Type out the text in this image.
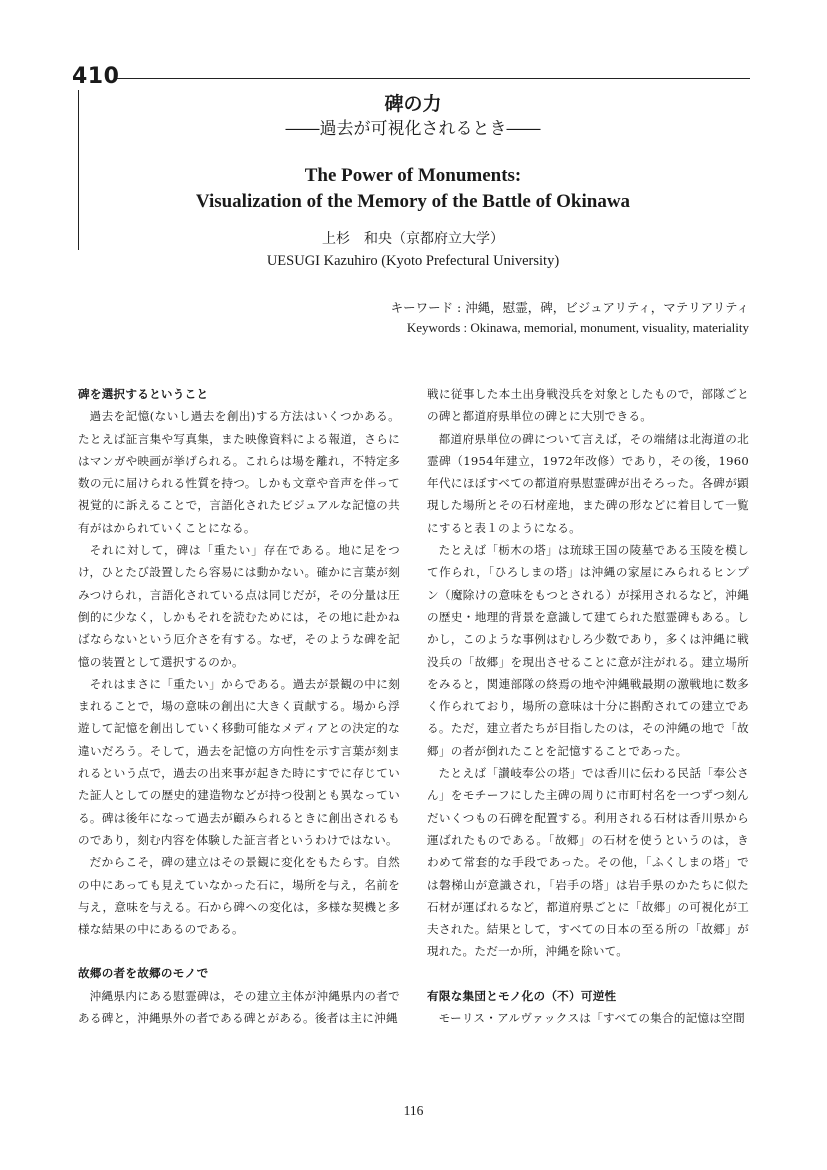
410
碑の力
――過去が可視化されるとき――
The Power of Monuments:
Visualization of the Memory of the Battle of Okinawa
上杉　和央（京都府立大学）
UESUGI Kazuhiro (Kyoto Prefectural University)
キーワード : 沖縄，慰霊，碑，ビジュアリティ，マテリアリティ
Keywords : Okinawa, memorial, monument, visuality, materiality
碑を選択するということ

過去を記憶(ないし過去を創出)する方法はいくつかある。たとえば証言集や写真集，また映像資料による報道，さらにはマンガや映画が挙げられる。これらは場を離れ，不特定多数の元に届けられる性質を持つ。しかも文章や音声を伴って視覚的に訴えることで，言語化されたビジュアルな記憶の共有がはかられていくことになる。

それに対して，碑は「重たい」存在である。地に足をつけ，ひとたび設置したら容易には動かない。確かに言葉が刻みつけられ，言語化されている点は同じだが，その分量は圧倒的に少なく，しかもそれを読むためには，その地に赴かねばならないという厄介さを有する。なぜ，そのような碑を記憶の装置として選択するのか。

それはまさに「重たい」からである。過去が景観の中に刻まれることで，場の意味の創出に大きく貢献する。場から浮遊して記憶を創出していく移動可能なメディアとの決定的な違いだろう。そして，過去を記憶の方向性を示す言葉が刻まれるという点で，過去の出来事が起きた時にすでに存じていた証人としての歴史的建造物などが持つ役割とも異なっている。碑は後年になって過去が顧みられるときに創出されるものであり，刻む内容を体験した証言者というわけではない。

だからこそ，碑の建立はその景観に変化をもたらす。自然の中にあっても見えていなかった石に，場所を与え，名前を与え，意味を与える。石から碑への変化は，多様な契機と多様な結果の中にあるのである。

故郷の者を故郷のモノで

沖縄県内にある慰霊碑は，その建立主体が沖縄県内の者である碑と，沖縄県外の者である碑とがある。後者は主に沖縄

戦に従事した本土出身戦没兵を対象としたもので，部隊ごとの碑と都道府県単位の碑とに大別できる。

都道府県単位の碑について言えば，その端緒は北海道の北霊碑（1954年建立，1972年改修）であり，その後，1960年代にほぼすべての都道府県慰霊碑が出そろった。各碑が顕現した場所とその石材産地，また碑の形などに着目して一覧にすると表１のようになる。

たとえば「栃木の塔」は琉球王国の陵墓である玉陵を模して作られ，「ひろしまの塔」は沖縄の家屋にみられるヒンプン（魔除けの意味をもつとされる）が採用されるなど，沖縄の歴史・地理的背景を意識して建てられた慰霊碑もある。しかし，このような事例はむしろ少数であり，多くは沖縄に戦没兵の「故郷」を現出させることに意が注がれる。建立場所をみると，関連部隊の終焉の地や沖縄戦最期の激戦地に数多く作られており，場所の意味は十分に斟酌されての建立である。ただ，建立者たちが目指したのは，その沖縄の地で「故郷」の者が倒れたことを記憶することであった。

たとえば「讃岐奉公の塔」では香川に伝わる民話「奉公さん」をモチーフにした主碑の周りに市町村名を一つずつ刻んだいくつもの石碑を配置する。利用される石材は香川県から運ばれたものである。「故郷」の石材を使うというのは，きわめて常套的な手段であった。その他，「ふくしまの塔」では磐梯山が意識され，「岩手の塔」は岩手県のかたちに似た石材が運ばれるなど，都道府県ごとに「故郷」の可視化が工夫された。結果として，すべての日本の至る所の「故郷」が現れた。ただ一か所，沖縄を除いて。

有限な集団とモノ化の（不）可逆性

モーリス・アルヴァックスは「すべての集合的記憶は空間

116
